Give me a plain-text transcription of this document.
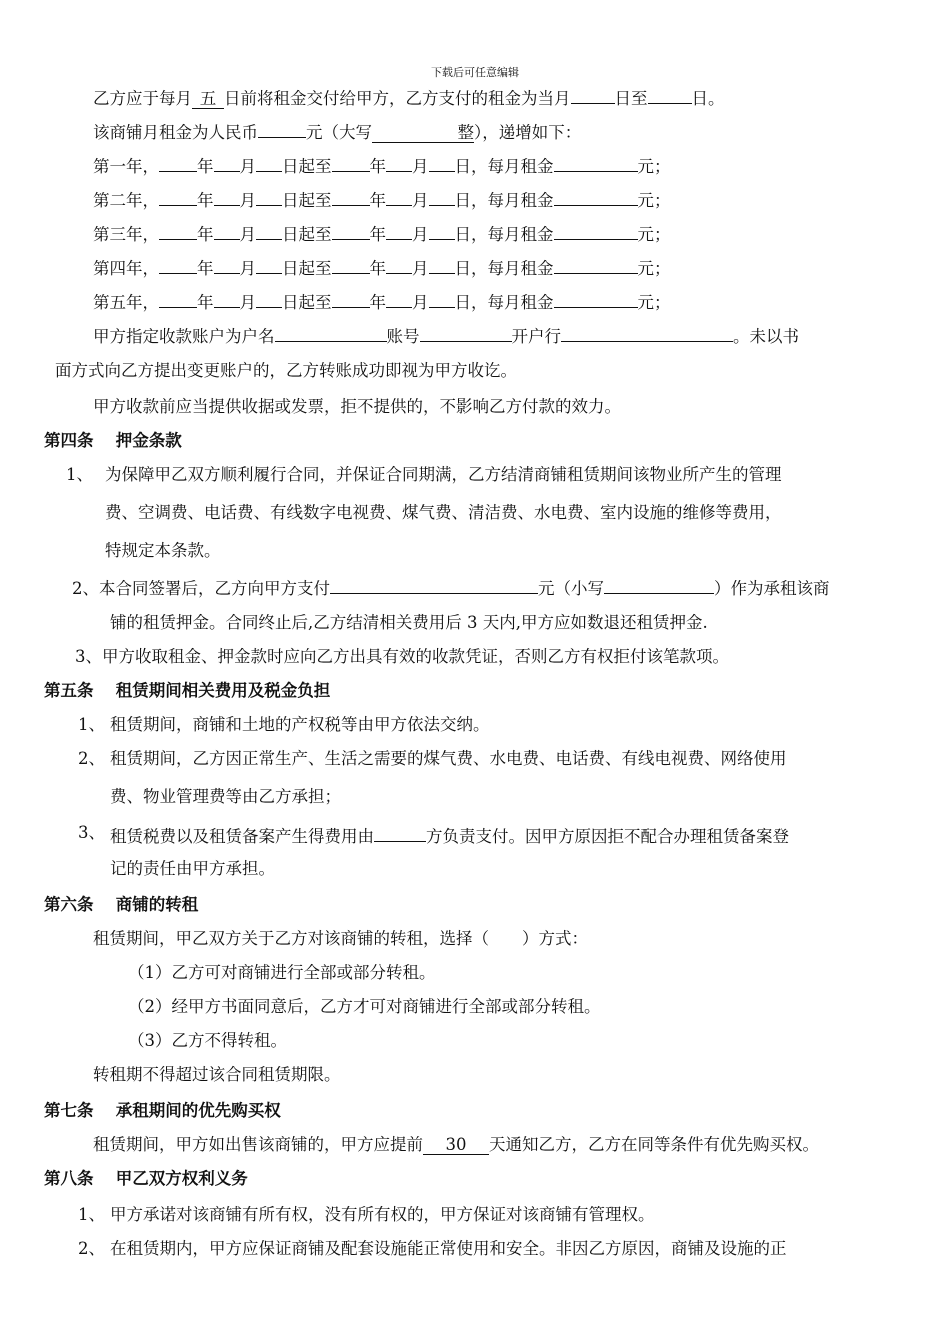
下载后可任意编辑
乙方应于每月 五 日前将租金交付给甲方，乙方支付的租金为当月	日至	日。
该商铺月租金为人民币	元（大写	整），递增如下：
第一年， 年 月 日起至 年 月 日，每月租金	元；
第二年， 年 月 日起至 年 月 日，每月租金	元；
第三年， 年 月 日起至 年 月 日，每月租金	元；
第四年， 年 月 日起至 年 月 日，每月租金	元；
第五年， 年 月 日起至 年 月 日，每月租金	元；
甲方指定收款账户为户名	账号	开户行	。未以书
面方式向乙方提出变更账户的，乙方转账成功即视为甲方收讫。
甲方收款前应当提供收据或发票，拒不提供的，不影响乙方付款的效力。
第四条　 押金条款
1、 为保障甲乙双方顺利履行合同，并保证合同期满，乙方结清商铺租赁期间该物业所产生的管理
费、空调费、电话费、有线数字电视费、煤气费、清洁费、水电费、室内设施的维修等费用，
特规定本条款。
2、本合同签署后，乙方向甲方支付	元（小写	）作为承租该商
铺的租赁押金。合同终止后,乙方结清相关费用后 3 天内,甲方应如数退还租赁押金.
3、甲方收取租金、押金款时应向乙方出具有效的收款凭证，否则乙方有权拒付该笔款项。
第五条　 租赁期间相关费用及税金负担
1、 租赁期间，商铺和土地的产权税等由甲方依法交纳。
2、 租赁期间，乙方因正常生产、生活之需要的煤气费、水电费、电话费、有线电视费、网络使用
费、物业管理费等由乙方承担；
3、 租赁税费以及租赁备案产生得费用由	方负责支付。因甲方原因拒不配合办理租赁备案登
记的责任由甲方承担。
第六条　 商铺的转租
租赁期间，甲乙双方关于乙方对该商铺的转租，选择（　　）方式：
（1）乙方可对商铺进行全部或部分转租。
（2）经甲方书面同意后，乙方才可对商铺进行全部或部分转租。
（3）乙方不得转租。
转租期不得超过该合同租赁期限。
第七条　 承租期间的优先购买权
租赁期间，甲方如出售该商铺的，甲方应提前 30 天通知乙方，乙方在同等条件有优先购买权。
第八条　 甲乙双方权利义务
1、 甲方承诺对该商铺有所有权，没有所有权的，甲方保证对该商铺有管理权。
2、 在租赁期内，甲方应保证商铺及配套设施能正常使用和安全。非因乙方原因，商铺及设施的正
